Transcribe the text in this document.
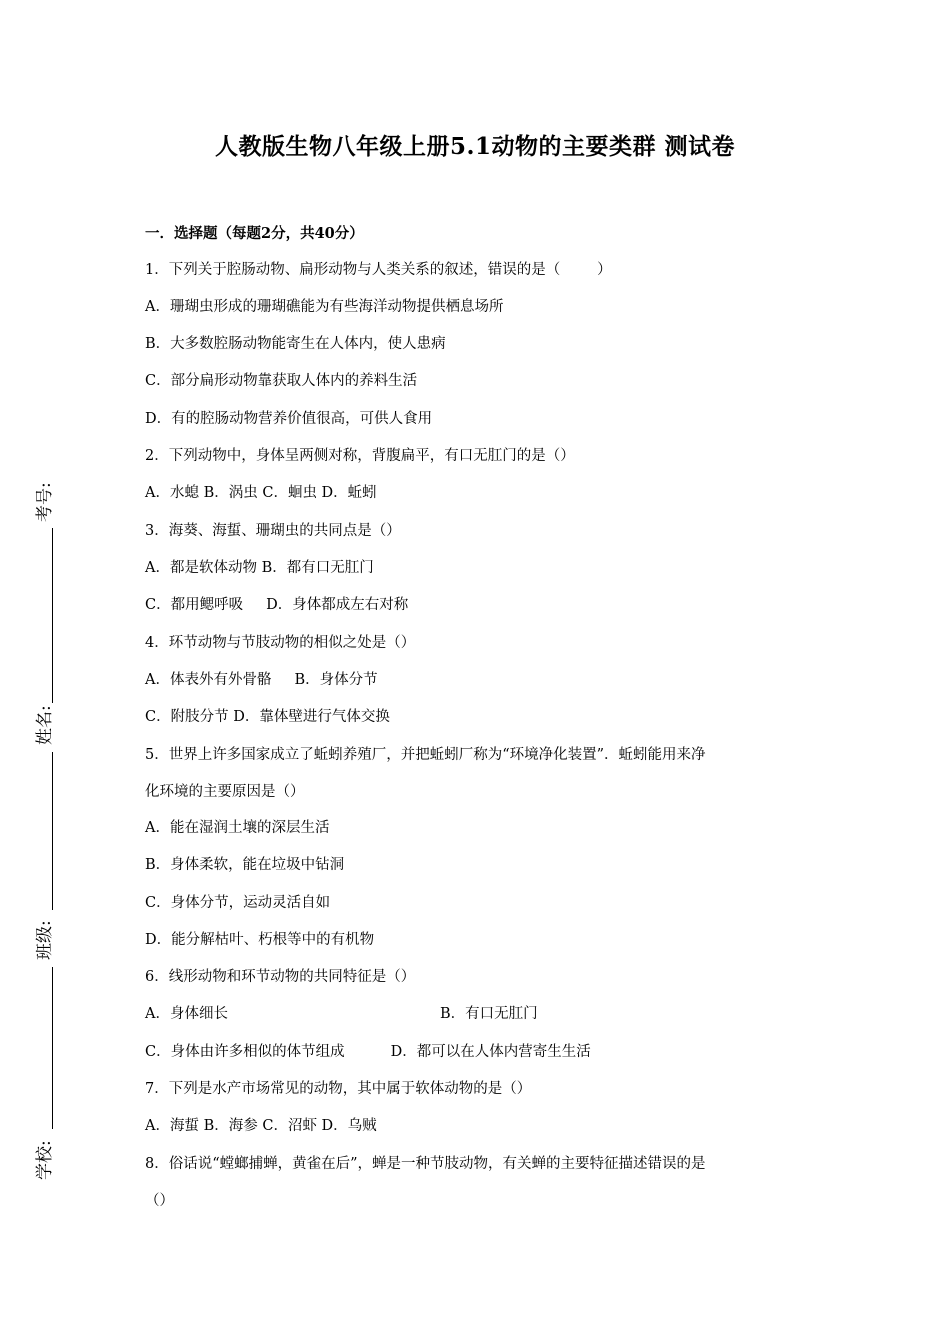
人教版生物八年级上册5.1动物的主要类群 测试卷
一．选择题（每题2分，共40分）
1．下列关于腔肠动物、扁形动物与人类关系的叙述，错误的是（        ）
A．珊瑚虫形成的珊瑚礁能为有些海洋动物提供栖息场所
B．大多数腔肠动物能寄生在人体内，使人患病
C．部分扁形动物靠获取人体内的养料生活
D．有的腔肠动物营养价值很高，可供人食用
2．下列动物中，身体呈两侧对称，背腹扁平，有口无肛门的是（）
A．水螅 B．涡虫 C．蛔虫 D．蚯蚓
3．海葵、海蜇、珊瑚虫的共同点是（）
A．都是软体动物 B．都有口无肛门
C．都用鳃呼吸     D．身体都成左右对称
4．环节动物与节肢动物的相似之处是（）
A．体表外有外骨骼     B．身体分节
C．附肢分节 D．靠体壁进行气体交换
5．世界上许多国家成立了蚯蚓养殖厂，并把蚯蚓厂称为“环境净化装置”．蚯蚓能用来净
化环境的主要原因是（）
A．能在湿润土壤的深层生活
B．身体柔软，能在垃圾中钻洞
C．身体分节，运动灵活自如
D．能分解枯叶、朽根等中的有机物
6．线形动物和环节动物的共同特征是（）
A．身体细长                                              B．有口无肛门
C．身体由许多相似的体节组成          D．都可以在人体内营寄生生活
7．下列是水产市场常见的动物，其中属于软体动物的是（）
A．海蜇 B．海参 C．沼虾 D．乌贼
8．俗话说“螳螂捕蝉，黄雀在后”，蝉是一种节肢动物，有关蝉的主要特征描述错误的是
（）
考号:
姓名:
班级:
学校:
